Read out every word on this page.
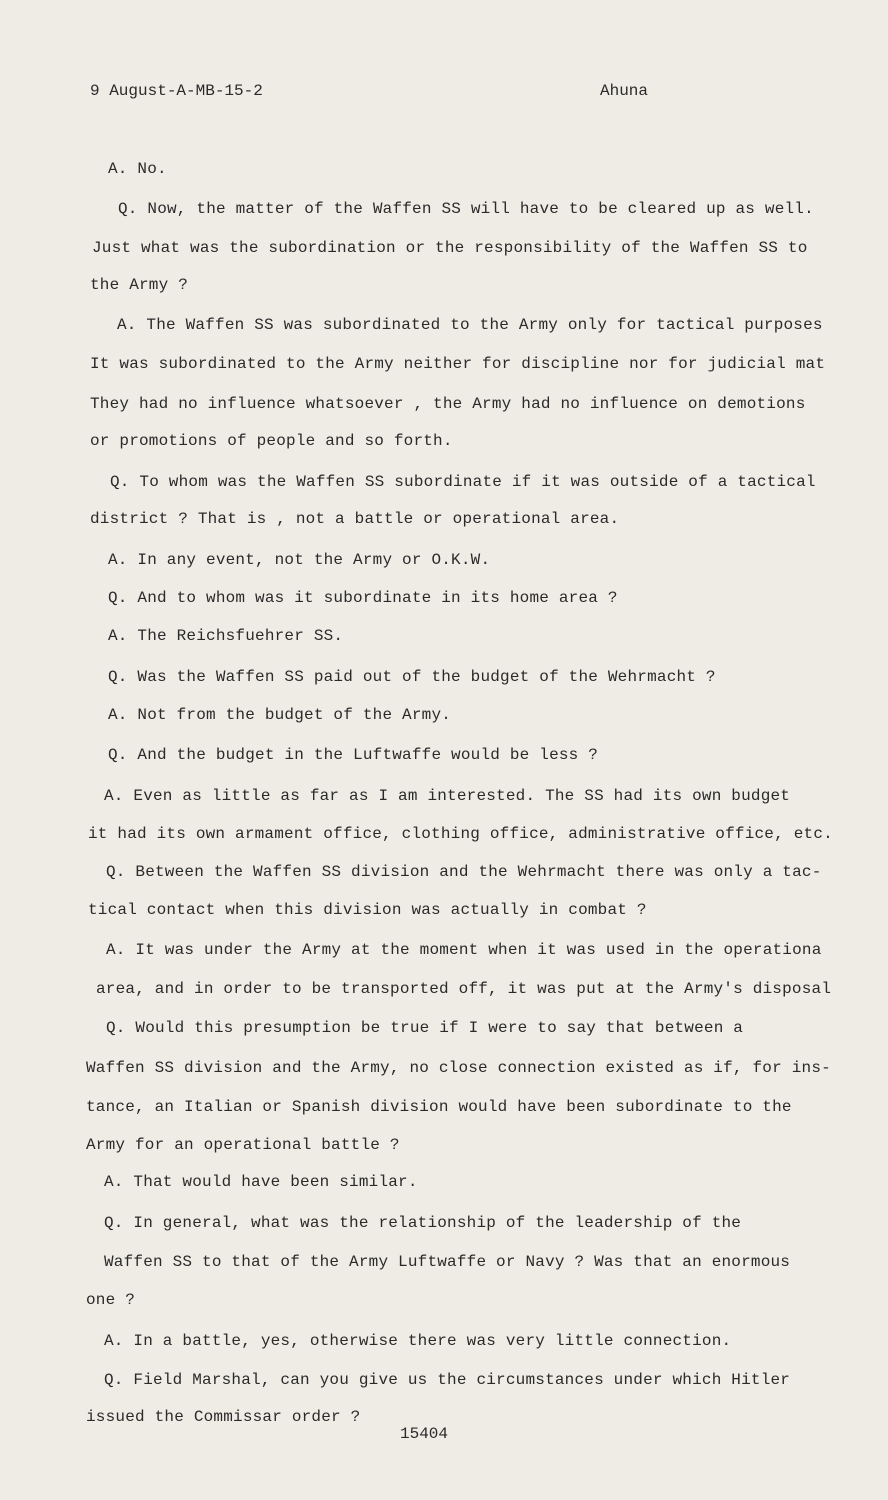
9 August-A-MB-15-2	Ahuna
A. No.
Q. Now, the matter of the Waffen SS will have to be cleared up as well.
Just what was the subordination or the responsibility of the Waffen SS to
the Army ?
A. The Waffen SS was subordinated to the Army only for tactical purposes
It was subordinated to the Army neither for discipline nor for judicial mat
They had no influence whatsoever , the Army had no influence on demotions
or promotions of people and so forth.
Q. To whom was the Waffen SS subordinate if it was outside of a tactical
district ? That is , not a battle or operational area.
A. In any event, not the Army or O.K.W.
Q. And to whom was it subordinate in its home area ?
A. The Reichsfuehrer SS.
Q. Was the Waffen SS paid out of the budget of the Wehrmacht ?
A. Not from the budget of the Army.
Q. And the budget in the Luftwaffe would be less ?
A. Even as little as far as I am interested. The SS had its own budget
it had its own armament office, clothing office, administrative office, etc.
Q. Between the Waffen SS division and the Wehrmacht there was only a tac-
tical contact when this division was actually in combat ?
A. It was under the Army at the moment when it was used in the operationa
area, and in order to be transported off, it was put at the Army's disposal
Q. Would this presumption be true if I were to say that between a
Waffen SS division and the Army, no close connection existed as if, for ins-
tance, an Italian or Spanish division would have been subordinate to the
Army for an operational battle ?
A. That would have been similar.
Q. In general, what was the relationship of the leadership of the
Waffen SS to that of the Army Luftwaffe or Navy ? Was that an enormous
one ?
A. In a battle, yes, otherwise there was very little connection.
Q. Field Marshal, can you give us the circumstances under which Hitler
issued the Commissar order ?
15404
